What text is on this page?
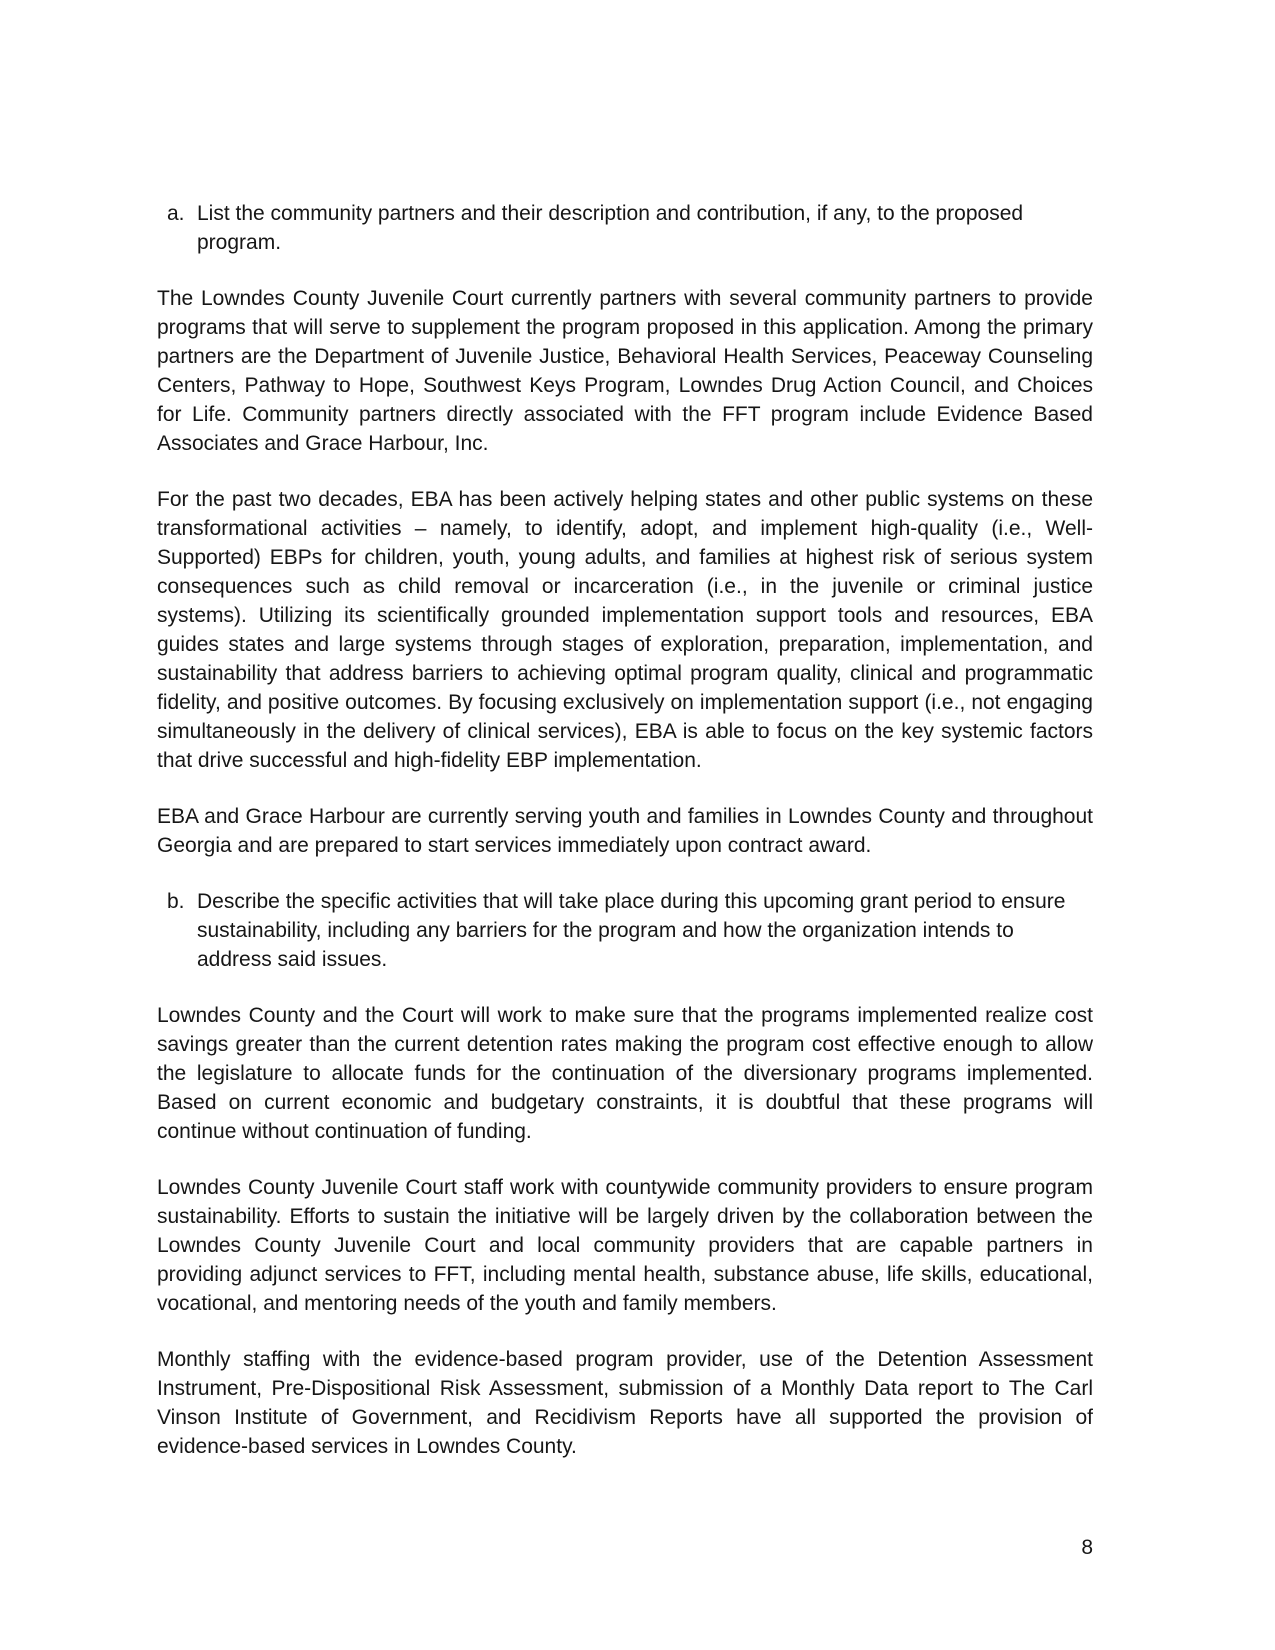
a. List the community partners and their description and contribution, if any, to the proposed program.

The Lowndes County Juvenile Court currently partners with several community partners to provide programs that will serve to supplement the program proposed in this application. Among the primary partners are the Department of Juvenile Justice, Behavioral Health Services, Peaceway Counseling Centers, Pathway to Hope, Southwest Keys Program, Lowndes Drug Action Council, and Choices for Life. Community partners directly associated with the FFT program include Evidence Based Associates and Grace Harbour, Inc.

For the past two decades, EBA has been actively helping states and other public systems on these transformational activities – namely, to identify, adopt, and implement high-quality (i.e., Well-Supported) EBPs for children, youth, young adults, and families at highest risk of serious system consequences such as child removal or incarceration (i.e., in the juvenile or criminal justice systems). Utilizing its scientifically grounded implementation support tools and resources, EBA guides states and large systems through stages of exploration, preparation, implementation, and sustainability that address barriers to achieving optimal program quality, clinical and programmatic fidelity, and positive outcomes. By focusing exclusively on implementation support (i.e., not engaging simultaneously in the delivery of clinical services), EBA is able to focus on the key systemic factors that drive successful and high-fidelity EBP implementation.

EBA and Grace Harbour are currently serving youth and families in Lowndes County and throughout Georgia and are prepared to start services immediately upon contract award.

b. Describe the specific activities that will take place during this upcoming grant period to ensure sustainability, including any barriers for the program and how the organization intends to address said issues.

Lowndes County and the Court will work to make sure that the programs implemented realize cost savings greater than the current detention rates making the program cost effective enough to allow the legislature to allocate funds for the continuation of the diversionary programs implemented. Based on current economic and budgetary constraints, it is doubtful that these programs will continue without continuation of funding.

Lowndes County Juvenile Court staff work with countywide community providers to ensure program sustainability. Efforts to sustain the initiative will be largely driven by the collaboration between the Lowndes County Juvenile Court and local community providers that are capable partners in providing adjunct services to FFT, including mental health, substance abuse, life skills, educational, vocational, and mentoring needs of the youth and family members.

Monthly staffing with the evidence-based program provider, use of the Detention Assessment Instrument, Pre-Dispositional Risk Assessment, submission of a Monthly Data report to The Carl Vinson Institute of Government, and Recidivism Reports have all supported the provision of evidence-based services in Lowndes County.

8
